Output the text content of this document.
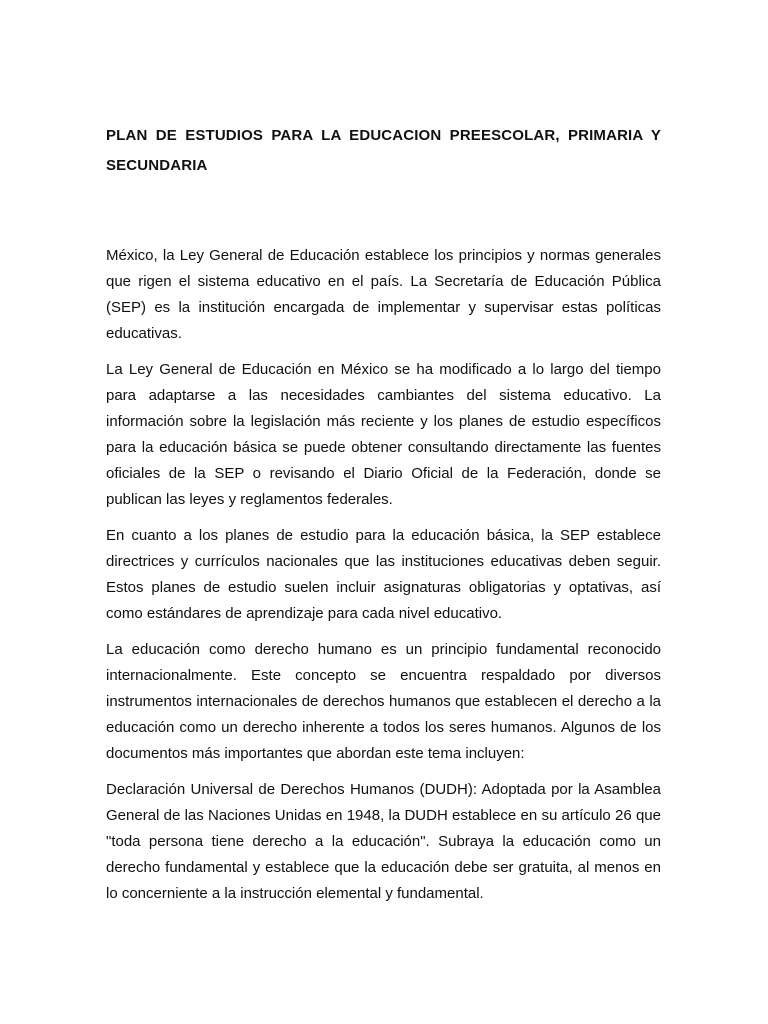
PLAN DE ESTUDIOS PARA LA EDUCACION PREESCOLAR, PRIMARIA Y SECUNDARIA

México, la Ley General de Educación establece los principios y normas generales que rigen el sistema educativo en el país. La Secretaría de Educación Pública (SEP) es la institución encargada de implementar y supervisar estas políticas educativas.

La Ley General de Educación en México se ha modificado a lo largo del tiempo para adaptarse a las necesidades cambiantes del sistema educativo. La información sobre la legislación más reciente y los planes de estudio específicos para la educación básica se puede obtener consultando directamente las fuentes oficiales de la SEP o revisando el Diario Oficial de la Federación, donde se publican las leyes y reglamentos federales.

En cuanto a los planes de estudio para la educación básica, la SEP establece directrices y currículos nacionales que las instituciones educativas deben seguir. Estos planes de estudio suelen incluir asignaturas obligatorias y optativas, así como estándares de aprendizaje para cada nivel educativo.

La educación como derecho humano es un principio fundamental reconocido internacionalmente. Este concepto se encuentra respaldado por diversos instrumentos internacionales de derechos humanos que establecen el derecho a la educación como un derecho inherente a todos los seres humanos. Algunos de los documentos más importantes que abordan este tema incluyen:

Declaración Universal de Derechos Humanos (DUDH): Adoptada por la Asamblea General de las Naciones Unidas en 1948, la DUDH establece en su artículo 26 que "toda persona tiene derecho a la educación". Subraya la educación como un derecho fundamental y establece que la educación debe ser gratuita, al menos en lo concerniente a la instrucción elemental y fundamental.
